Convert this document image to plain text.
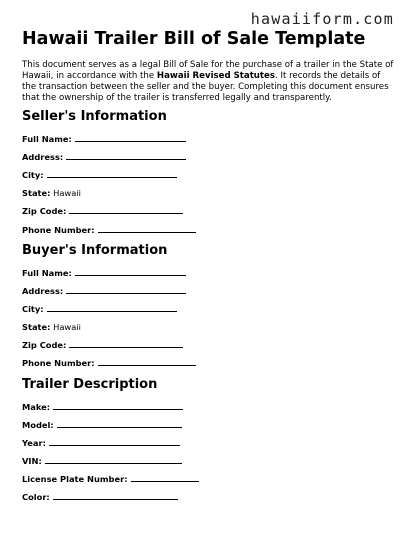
hawaiiform.com
Hawaii Trailer Bill of Sale Template

This document serves as a legal Bill of Sale for the purchase of a trailer in the State of Hawaii, in accordance with the Hawaii Revised Statutes. It records the details of the transaction between the seller and the buyer. Completing this document ensures that the ownership of the trailer is transferred legally and transparently.

Seller's Information
Full Name:
Address:
City:
State: Hawaii
Zip Code:
Phone Number:
Buyer's Information
Full Name:
Address:
City:
State: Hawaii
Zip Code:
Phone Number:
Trailer Description
Make:
Model:
Year:
VIN:
License Plate Number:
Color:
